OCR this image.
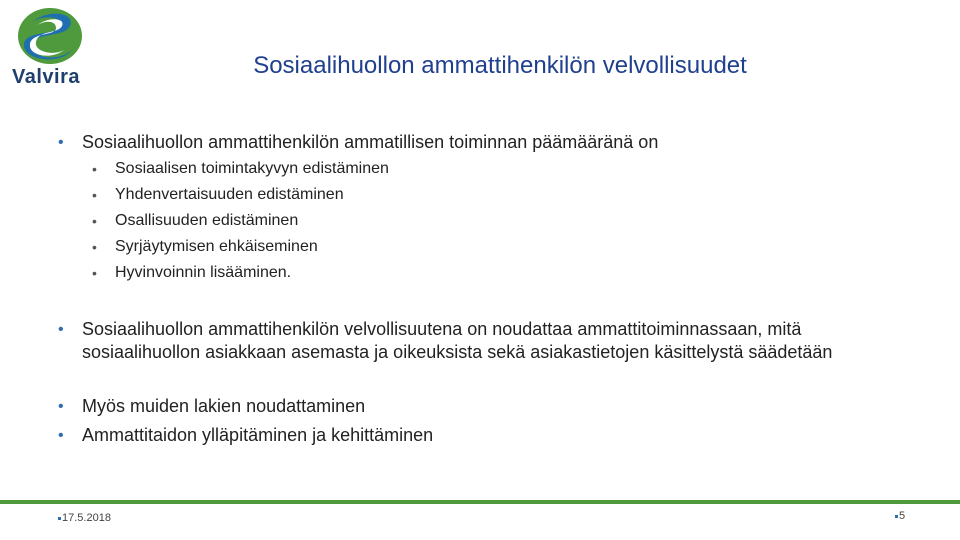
Valvira	Sosiaalihuollon ammattihenkilön velvollisuudet
• Sosiaalihuollon ammattihenkilön ammatillisen toiminnan päämääränä on
• Sosiaalisen toimintakyvyn edistäminen
• Yhdenvertaisuuden edistäminen
• Osallisuuden edistäminen
• Syrjäytymisen ehkäiseminen
• Hyvinvoinnin lisääminen.
• Sosiaalihuollon ammattihenkilön velvollisuutena on noudattaa ammattitoiminnassaan, mitä sosiaalihuollon asiakkaan asemasta ja oikeuksista sekä asiakastietojen käsittelystä säädetään
• Myös muiden lakien noudattaminen
• Ammattitaidon ylläpitäminen ja kehittäminen
17.5.2018	5
